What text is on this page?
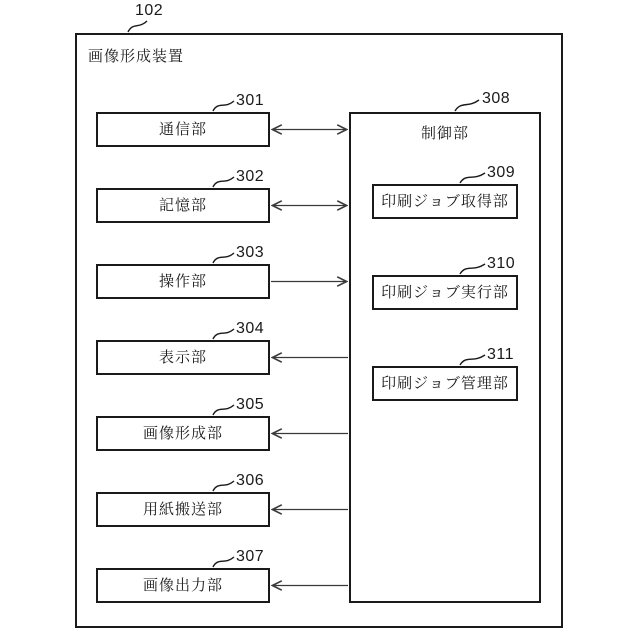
102
画像形成装置
通信部
301
記憶部
302
操作部
303
表示部
304
画像形成部
305
用紙搬送部
306
画像出力部
307
制御部
308
印刷ジョブ取得部
309
印刷ジョブ実行部
310
印刷ジョブ管理部
311
